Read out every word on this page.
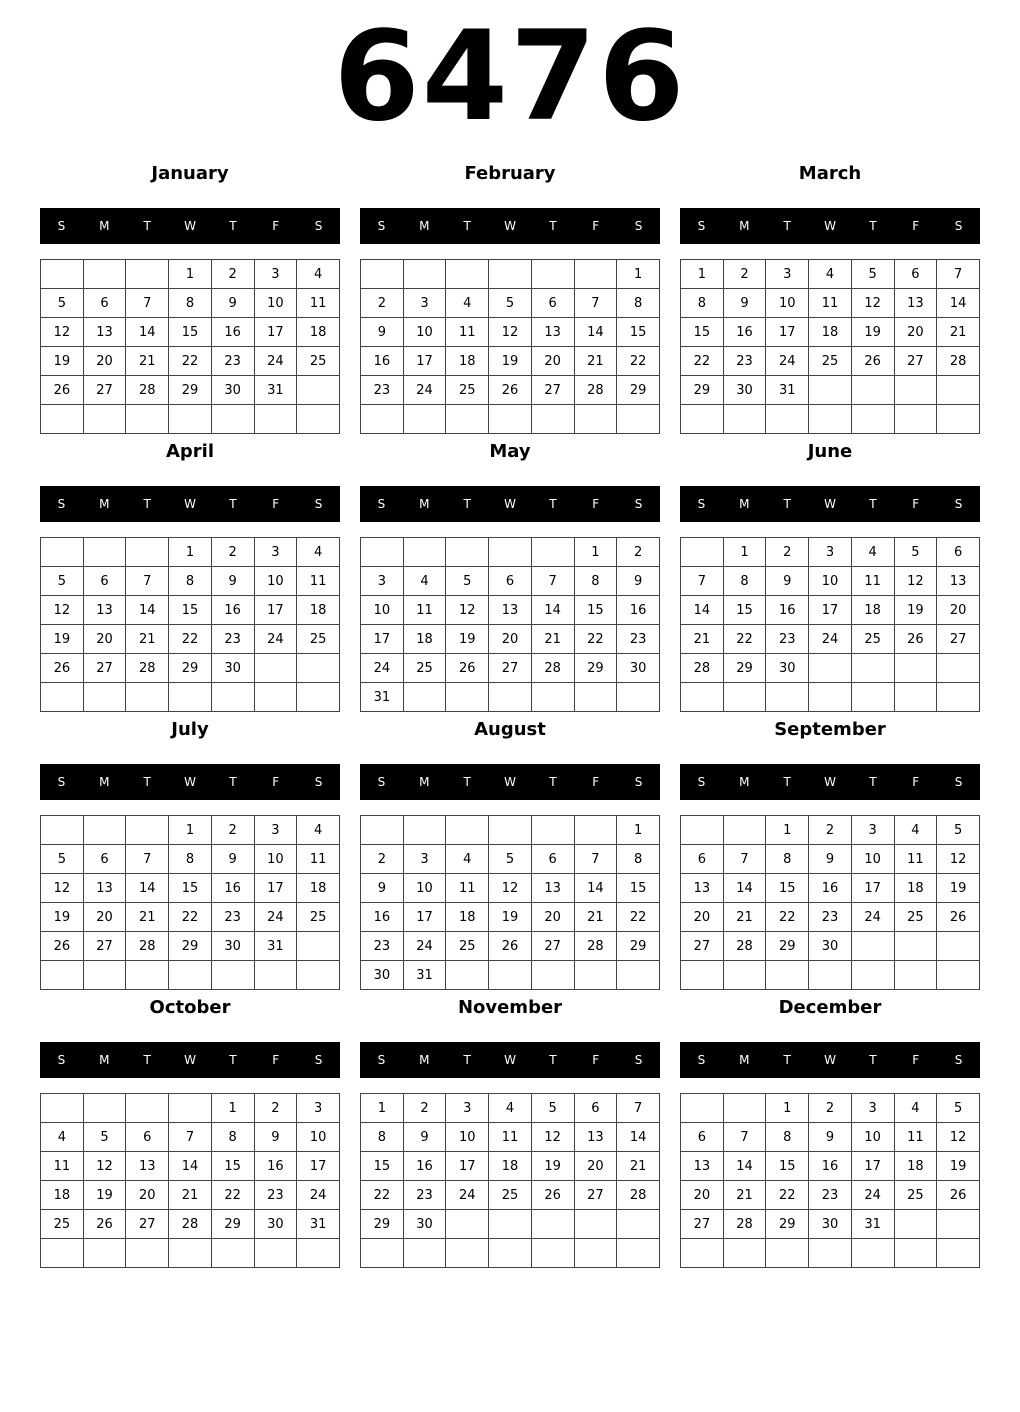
6476
January
S	M	T	W	T	F	S
			1	2	3	4
5	6	7	8	9	10	11
12	13	14	15	16	17	18
19	20	21	22	23	24	25
26	27	28	29	30	31	

February
S	M	T	W	T	F	S
						1
2	3	4	5	6	7	8
9	10	11	12	13	14	15
16	17	18	19	20	21	22
23	24	25	26	27	28	29

March
S	M	T	W	T	F	S
1	2	3	4	5	6	7
8	9	10	11	12	13	14
15	16	17	18	19	20	21
22	23	24	25	26	27	28
29	30	31				

April
S	M	T	W	T	F	S
			1	2	3	4
5	6	7	8	9	10	11
12	13	14	15	16	17	18
19	20	21	22	23	24	25
26	27	28	29	30		

May
S	M	T	W	T	F	S
					1	2
3	4	5	6	7	8	9
10	11	12	13	14	15	16
17	18	19	20	21	22	23
24	25	26	27	28	29	30
31						
June
S	M	T	W	T	F	S
	1	2	3	4	5	6
7	8	9	10	11	12	13
14	15	16	17	18	19	20
21	22	23	24	25	26	27
28	29	30				

July
S	M	T	W	T	F	S
			1	2	3	4
5	6	7	8	9	10	11
12	13	14	15	16	17	18
19	20	21	22	23	24	25
26	27	28	29	30	31	

August
S	M	T	W	T	F	S
						1
2	3	4	5	6	7	8
9	10	11	12	13	14	15
16	17	18	19	20	21	22
23	24	25	26	27	28	29
30	31					
September
S	M	T	W	T	F	S
		1	2	3	4	5
6	7	8	9	10	11	12
13	14	15	16	17	18	19
20	21	22	23	24	25	26
27	28	29	30			

October
S	M	T	W	T	F	S
				1	2	3
4	5	6	7	8	9	10
11	12	13	14	15	16	17
18	19	20	21	22	23	24
25	26	27	28	29	30	31

November
S	M	T	W	T	F	S
1	2	3	4	5	6	7
8	9	10	11	12	13	14
15	16	17	18	19	20	21
22	23	24	25	26	27	28
29	30					

December
S	M	T	W	T	F	S
		1	2	3	4	5
6	7	8	9	10	11	12
13	14	15	16	17	18	19
20	21	22	23	24	25	26
27	28	29	30	31		
